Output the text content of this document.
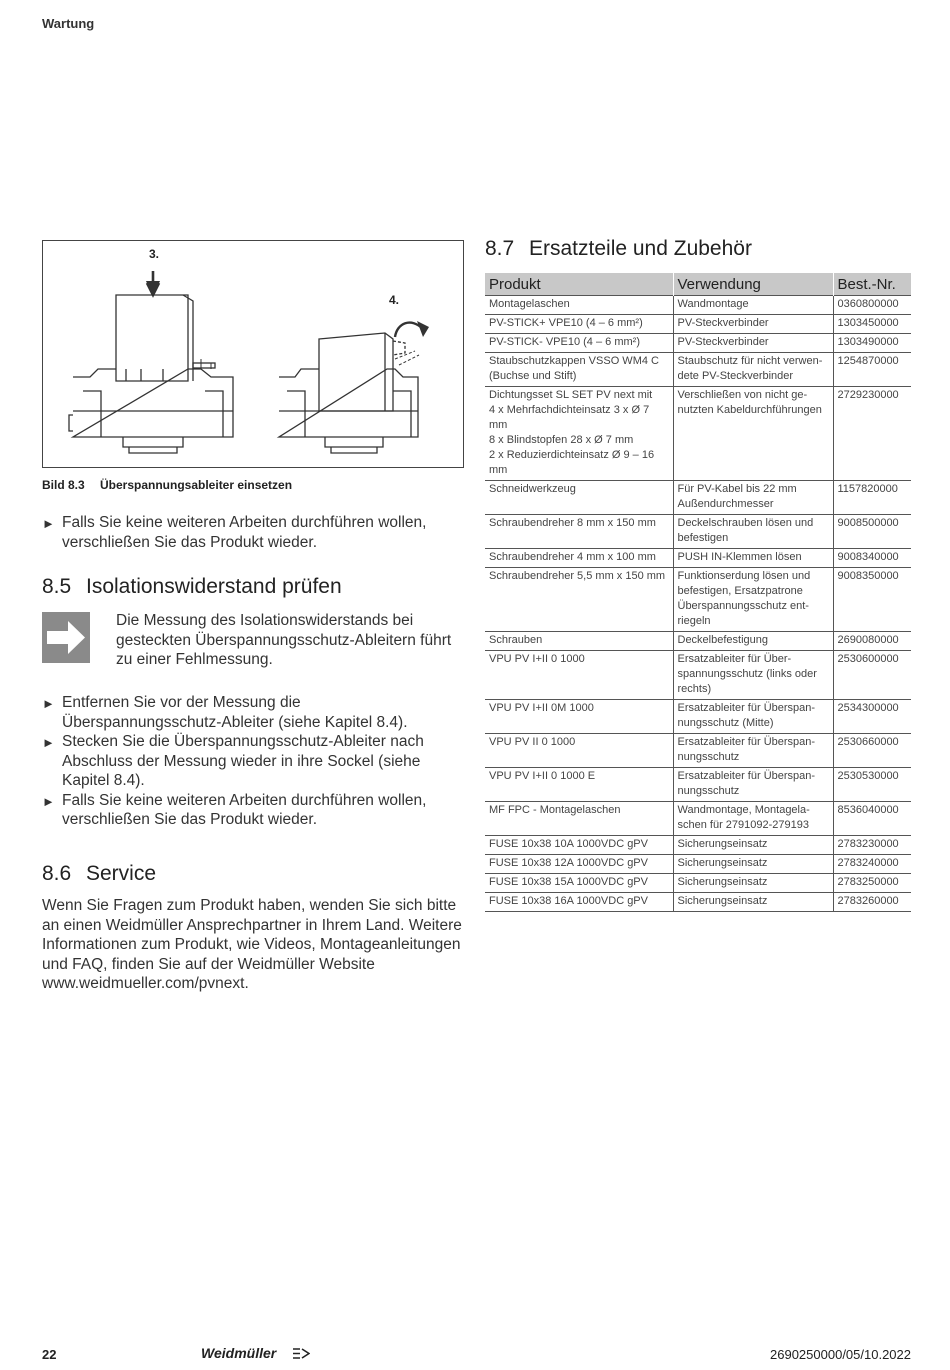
Wartung
3.
4.
Bild 8.3 Überspannungsableiter einsetzen
► Falls Sie keine weiteren Arbeiten durchführen wollen, verschließen Sie das Produkt wieder.
8.5 Isolationswiderstand prüfen
Die Messung des Isolationswiderstands bei gesteckten Überspannungsschutz-Ableitern führt zu einer Fehlmessung.
► Entfernen Sie vor der Messung die Überspannungsschutz-Ableiter (siehe Kapitel 8.4).
► Stecken Sie die Überspannungsschutz-Ableiter nach Abschluss der Messung wieder in ihre Sockel (siehe Kapitel 8.4).
► Falls Sie keine weiteren Arbeiten durchführen wollen, verschließen Sie das Produkt wieder.
8.6 Service
Wenn Sie Fragen zum Produkt haben, wenden Sie sich bitte an einen Weidmüller Ansprechpartner in Ihrem Land. Weitere Informationen zum Produkt, wie Videos, Montageanleitungen und FAQ, finden Sie auf der Weidmüller Website www.weidmueller.com/pvnext.
8.7 Ersatzteile und Zubehör
Produkt	Verwendung	Best.-Nr.
Montagelaschen	Wandmontage	0360800000
PV-STICK+ VPE10 (4 – 6 mm²)	PV-Steckverbinder	1303450000
PV-STICK- VPE10 (4 – 6 mm²)	PV-Steckverbinder	1303490000
Staubschutzkappen VSSO WM4 C
(Buchse und Stift)	Staubschutz für nicht verwen-
dete PV-Steckverbinder	1254870000
Dichtungsset SL SET PV next mit
4 x Mehrfachdichteinsatz 3 x Ø 7 mm
8 x Blindstopfen 28 x Ø 7 mm
2 x Reduzierdichteinsatz Ø 9 – 16 mm	Verschließen von nicht ge-
nutzten Kabeldurchführungen	2729230000
Schneidwerkzeug	Für PV-Kabel bis 22 mm
Außendurchmesser	1157820000
Schraubendreher 8 mm x 150 mm	Deckelschrauben lösen und
befestigen	9008500000
Schraubendreher 4 mm x 100 mm	PUSH IN-Klemmen lösen	9008340000
Schraubendreher 5,5 mm x 150 mm	Funktionserdung lösen und
befestigen, Ersatzpatrone
Überspannungsschutz ent-
riegeln	9008350000
Schrauben	Deckelbefestigung	2690080000
VPU PV I+II 0 1000	Ersatzableiter für Über-
spannungsschutz (links oder
rechts)	2530600000
VPU PV I+II 0M 1000	Ersatzableiter für Überspan-
nungsschutz (Mitte)	2534300000
VPU PV II 0 1000	Ersatzableiter für Überspan-
nungsschutz	2530660000
VPU PV I+II 0 1000 E	Ersatzableiter für Überspan-
nungsschutz	2530530000
MF FPC - Montagelaschen	Wandmontage, Montagela-
schen für 2791092-279193	8536040000
FUSE 10x38 10A 1000VDC gPV	Sicherungseinsatz	2783230000
FUSE 10x38 12A 1000VDC gPV	Sicherungseinsatz	2783240000
FUSE 10x38 15A 1000VDC gPV	Sicherungseinsatz	2783250000
FUSE 10x38 16A 1000VDC gPV	Sicherungseinsatz	2783260000
22	Weidmüller	2690250000/05/10.2022
